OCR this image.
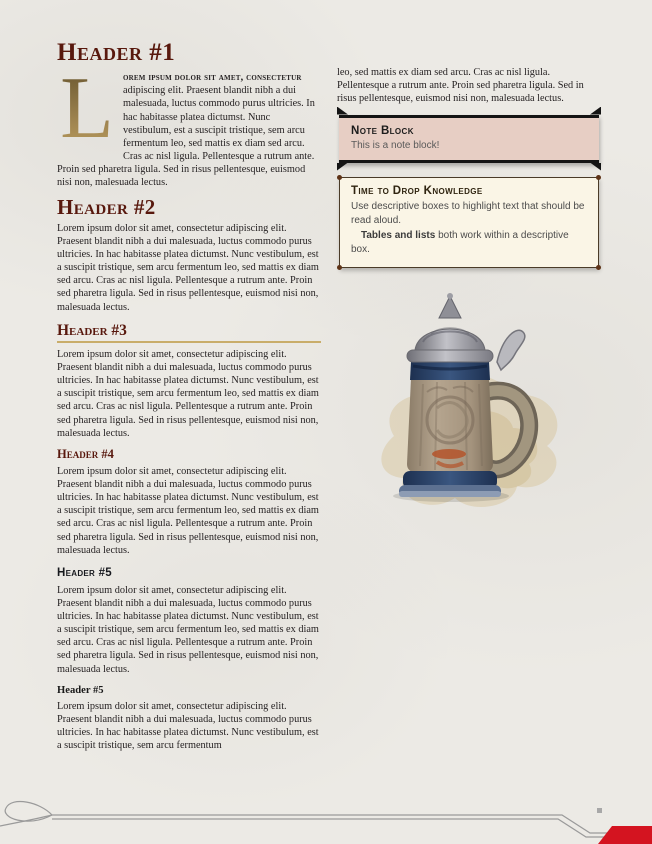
Header #1

L orem ipsum dolor sit amet, consectetur adipiscing elit. Praesent blandit nibh a dui malesuada, luctus commodo purus ultricies. In hac habitasse platea dictumst. Nunc vestibulum, est a suscipit tristique, sem arcu fermentum leo, sed mattis ex diam sed arcu. Cras ac nisl ligula. Pellentesque a rutrum ante. Proin sed pharetra ligula. Sed in risus pellentesque, euismod nisi non, malesuada lectus.

Header #2

Lorem ipsum dolor sit amet, consectetur adipiscing elit. Praesent blandit nibh a dui malesuada, luctus commodo purus ultricies. In hac habitasse platea dictumst. Nunc vestibulum, est a suscipit tristique, sem arcu fermentum leo, sed mattis ex diam sed arcu. Cras ac nisl ligula. Pellentesque a rutrum ante. Proin sed pharetra ligula. Sed in risus pellentesque, euismod nisi non, malesuada lectus.

Header #3

Lorem ipsum dolor sit amet, consectetur adipiscing elit. Praesent blandit nibh a dui malesuada, luctus commodo purus ultricies. In hac habitasse platea dictumst. Nunc vestibulum, est a suscipit tristique, sem arcu fermentum leo, sed mattis ex diam sed arcu. Cras ac nisl ligula. Pellentesque a rutrum ante. Proin sed pharetra ligula. Sed in risus pellentesque, euismod nisi non, malesuada lectus.

Header #4

Lorem ipsum dolor sit amet, consectetur adipiscing elit. Praesent blandit nibh a dui malesuada, luctus commodo purus ultricies. In hac habitasse platea dictumst. Nunc vestibulum, est a suscipit tristique, sem arcu fermentum leo, sed mattis ex diam sed arcu. Cras ac nisl ligula. Pellentesque a rutrum ante. Proin sed pharetra ligula. Sed in risus pellentesque, euismod nisi non, malesuada lectus.

Header #5

Lorem ipsum dolor sit amet, consectetur adipiscing elit. Praesent blandit nibh a dui malesuada, luctus commodo purus ultricies. In hac habitasse platea dictumst. Nunc vestibulum, est a suscipit tristique, sem arcu fermentum leo, sed mattis ex diam sed arcu. Cras ac nisl ligula. Pellentesque a rutrum ante. Proin sed pharetra ligula. Sed in risus pellentesque, euismod nisi non, malesuada lectus.

Header #5

Lorem ipsum dolor sit amet, consectetur adipiscing elit. Praesent blandit nibh a dui malesuada, luctus commodo purus ultricies. In hac habitasse platea dictumst. Nunc vestibulum, est a suscipit tristique, sem arcu fermentum

leo, sed mattis ex diam sed arcu. Cras ac nisl ligula. Pellentesque a rutrum ante. Proin sed pharetra ligula. Sed in risus pellentesque, euismod nisi non, malesuada lectus.

Note Block
This is a note block!
Time to Drop Knowledge

Use descriptive boxes to highlight text that should be read aloud.

Tables and lists both work within a descriptive box.
